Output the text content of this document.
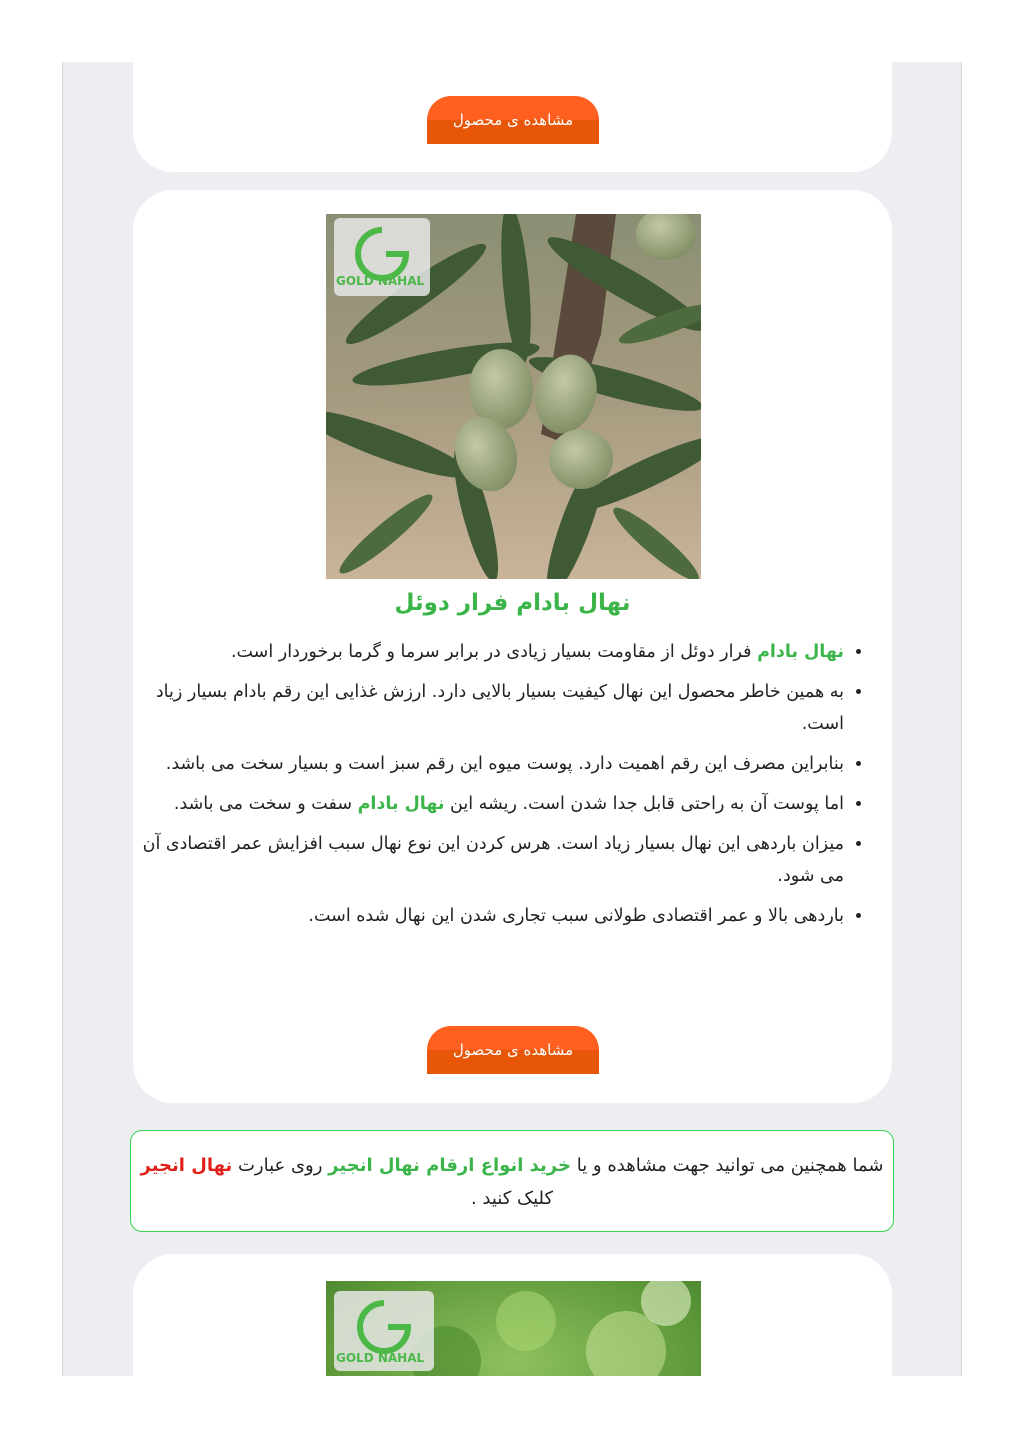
مشاهده ی محصول
GOLD NAHAL
نهال بادام فرار دوئل
• نهال بادام فرار دوئل از مقاومت بسیار زیادی در برابر سرما و گرما برخوردار است.
• به همین خاطر محصول این نهال کیفیت بسیار بالایی دارد. ارزش غذایی این رقم بادام بسیار زیاد است.
• بنابراین مصرف این رقم اهمیت دارد. پوست میوه این رقم سبز است و بسیار سخت می باشد.
• اما پوست آن به راحتی قابل جدا شدن است. ریشه این نهال بادام سفت و سخت می باشد.
• میزان باردهی این نهال بسیار زیاد است. هرس کردن این نوع نهال سبب افزایش عمر اقتصادی آن می شود.
• باردهی بالا و عمر اقتصادی طولانی سبب تجاری شدن این نهال شده است.
مشاهده ی محصول
شما همچنین می توانید جهت مشاهده و یا خرید انواع ارقام نهال انجیر روی عبارت نهال انجیر کلیک کنید .
GOLD NAHAL
